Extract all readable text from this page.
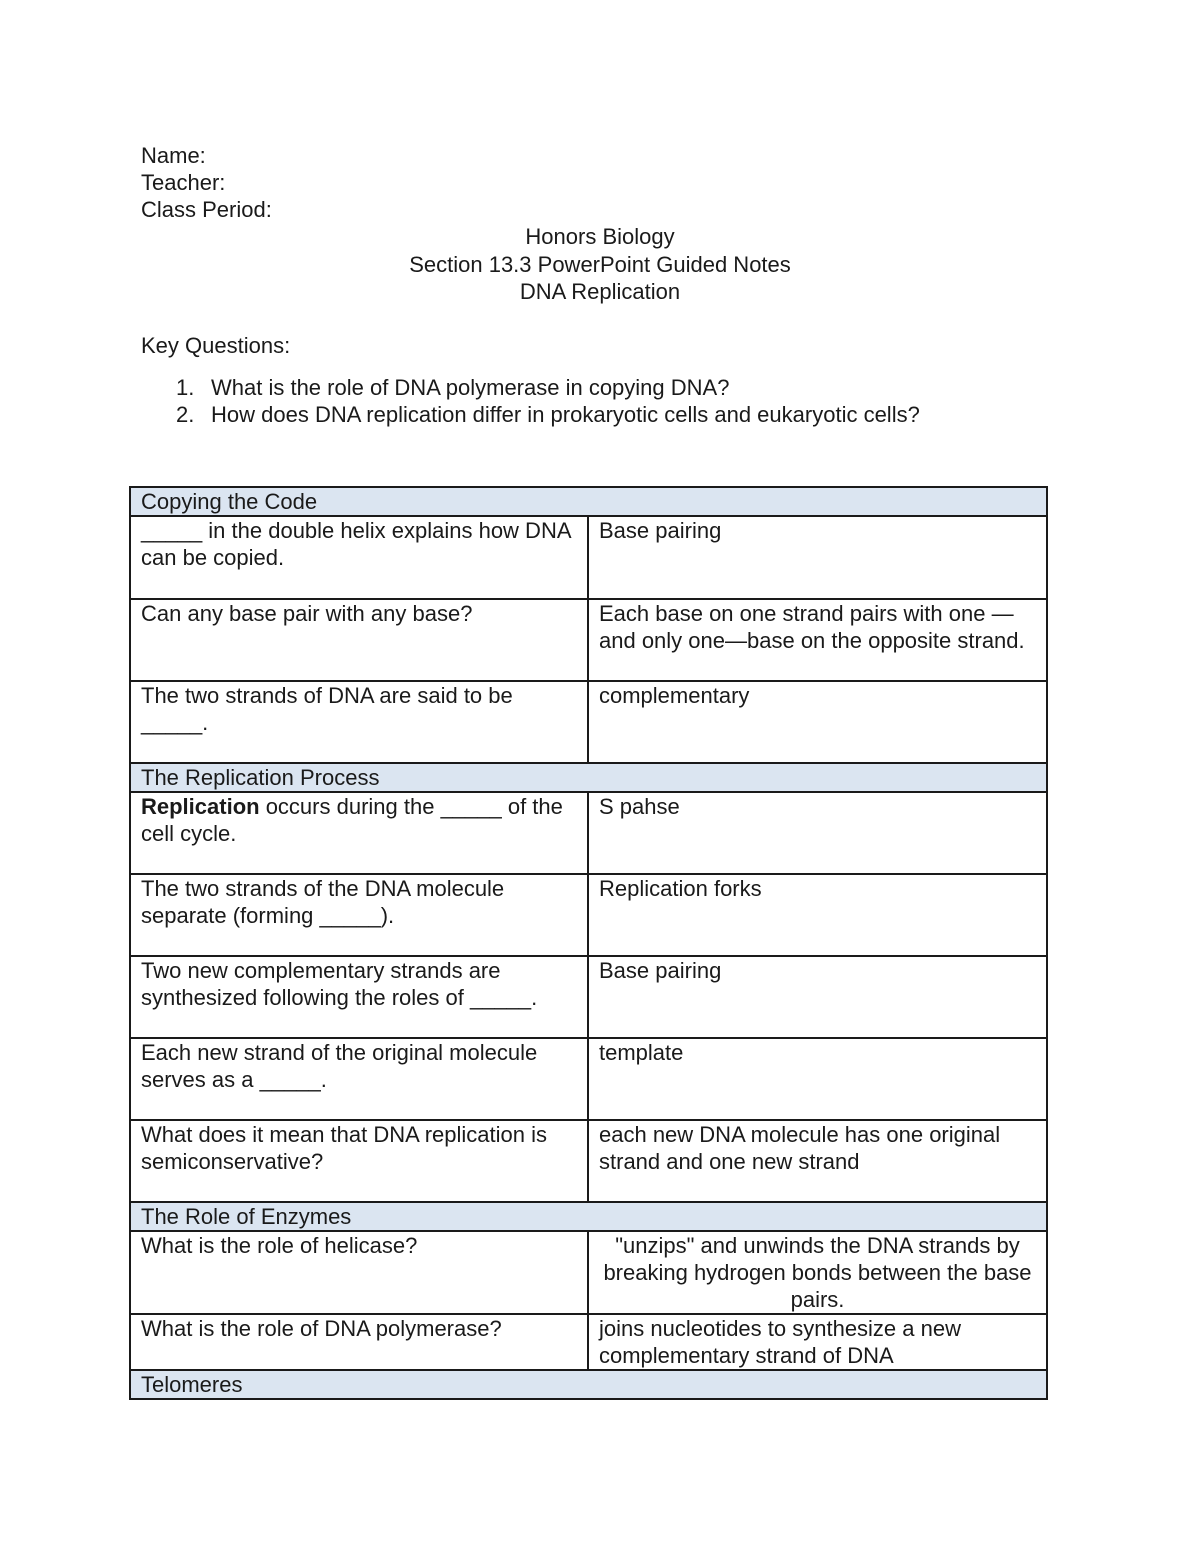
Name:
Teacher:
Class Period:
Honors Biology
Section 13.3 PowerPoint Guided Notes
DNA Replication
Key Questions:
1. What is the role of DNA polymerase in copying DNA?
2. How does DNA replication differ in prokaryotic cells and eukaryotic cells?
Copying the Code	
_____ in the double helix explains how DNA can be copied.	Base pairing
Can any base pair with any base?	Each base on one strand pairs with one —and only one—base on the opposite strand.
The two strands of DNA are said to be _____.	complementary
The Replication Process	
Replication occurs during the _____ of the cell cycle.	S pahse
The two strands of the DNA molecule separate (forming _____).	Replication forks
Two new complementary strands are synthesized following the roles of _____.	Base pairing
Each new strand of the original molecule serves as a _____.	template
What does it mean that DNA replication is semiconservative?	each new DNA molecule has one original strand and one new strand
The Role of Enzymes	
What is the role of helicase?	"unzips" and unwinds the DNA strands by breaking hydrogen bonds between the base pairs.
What is the role of DNA polymerase?	joins nucleotides to synthesize a new complementary strand of DNA
Telomeres	
